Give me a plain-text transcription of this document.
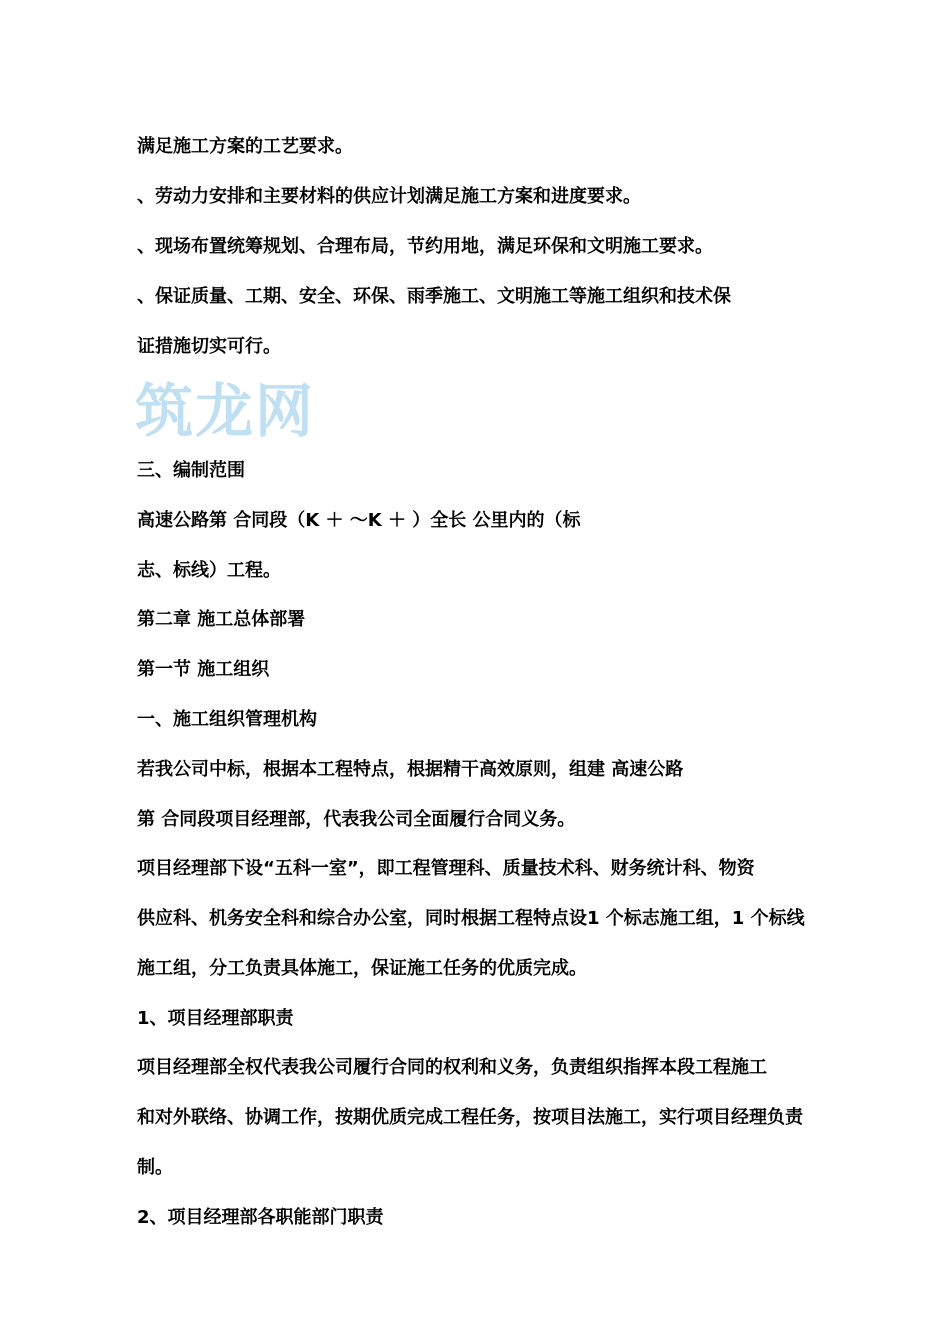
满足施工方案的工艺要求。
、劳动力安排和主要材料的供应计划满足施工方案和进度要求。
、现场布置统筹规划、合理布局，节约用地，满足环保和文明施工要求。
、保证质量、工期、安全、环保、雨季施工、文明施工等施工组织和技术保
证措施切实可行。
筑龙网
三、编制范围
高速公路第 合同段（K ＋ ～K ＋ ）全长 公里内的（标
志、标线）工程。
第二章 施工总体部署
第一节 施工组织
一、施工组织管理机构
若我公司中标，根据本工程特点，根据精干高效原则，组建 高速公路
第 合同段项目经理部，代表我公司全面履行合同义务。
项目经理部下设“五科一室”，即工程管理科、质量技术科、财务统计科、物资
供应科、机务安全科和综合办公室，同时根据工程特点设1 个标志施工组，1 个标线
施工组，分工负责具体施工，保证施工任务的优质完成。
1、项目经理部职责
项目经理部全权代表我公司履行合同的权利和义务，负责组织指挥本段工程施工
和对外联络、协调工作，按期优质完成工程任务，按项目法施工，实行项目经理负责
制。
2、项目经理部各职能部门职责
